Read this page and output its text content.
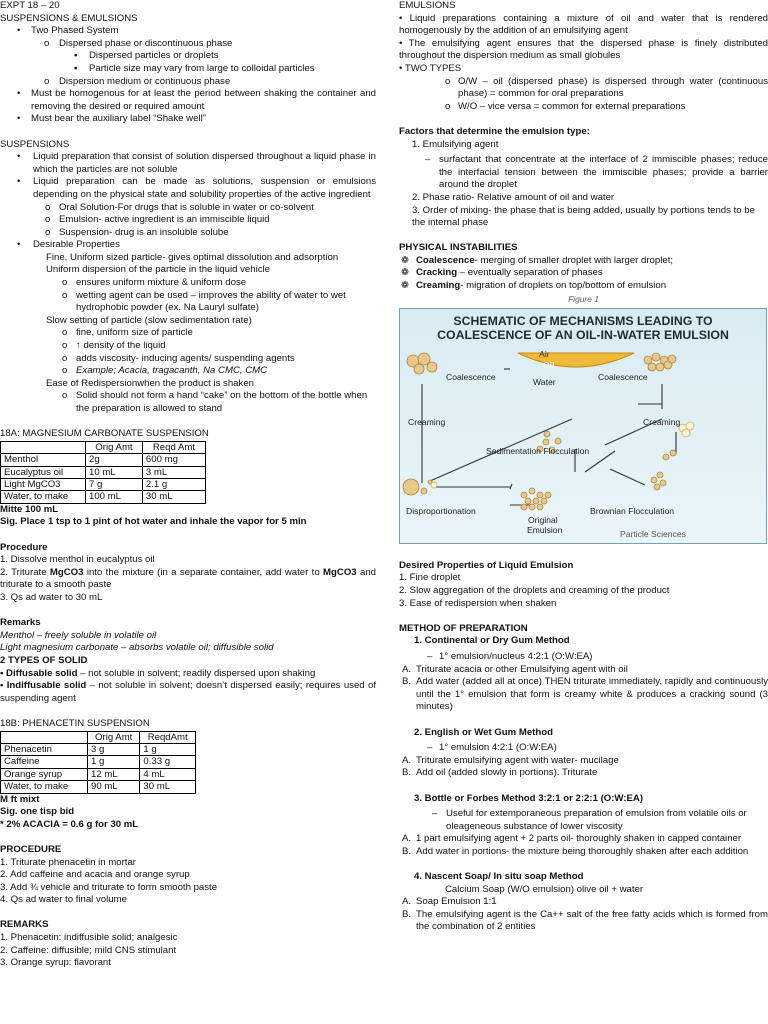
EXPT 18 – 20

SUSPENSIONS & EMULSIONS

• Two Phased System
o Dispersed phase or discontinuous phase
▪ Dispersed particles or droplets
▪ Particle size may vary from large to colloidal particles
o Dispersion medium or continuous phase
• Must be homogenous for at least the period between shaking the container and removing the desired or required amount
• Must bear the auxiliary label “Shake well”

SUSPENSIONS

• Liquid preparation that consist of solution dispersed throughout a liquid phase in which the particles are not soluble
• Liquid preparation can be made as solutions, suspension or emulsions depending on the physical state and solubility properties of the active ingredient
o Oral Solution-For drugs that is soluble in water or co-solvent
o Emulsion- active ingredient is an immiscible liquid
o Suspension- drug is an insoluble solube
• Desirable Properties
Fine, Uniform sized particle- gives optimal dissolution and adsorption
Uniform dispersion of the particle in the liquid vehicle
o ensures uniform mixture & uniform dose
o wetting agent can be used – improves the ability of water to wet hydrophobic powder (ex. Na Lauryl sulfate)
Slow setting of particle (slow sedimentation rate)
o fine, uniform size of particle
o ↑ density of the liquid
o adds viscosity- inducing agents/ suspending agents
o Example; Acacia, tragacanth, Na CMC, CMC
Ease of Redispersionwhen the product is shaken
o Solid should not form a hand “cake” on the bottom of the bottle when the preparation is allowed to stand

18A: MAGNESIUM CARBONATE SUSPENSION

	Orig Amt	Reqd Amt
Menthol	2g	600 mg
Eucalyptus oil	10 mL	3 mL
Light MgCO3	7 g	2.1 g
Water, to make	100 mL	30 mL

Mitte 100 mL

Sig. Place 1 tsp to 1 pint of hot water and inhale the vapor for 5 min

Procedure

1. Dissolve menthol in eucalyptus oil

2. Triturate MgCO3 into the mixture (in a separate container, add water to MgCO3 and triturate to a smooth paste

3. Qs ad water to 30 mL

Remarks

Menthol – freely soluble in volatile oil

Light magnesium carbonate – absorbs volatile oil; diffusible solid

2 TYPES OF SOLID

• Diffusable solid – not soluble in solvent; readily dispersed upon shaking

• Indiffusable solid – not soluble in solvent; doesn’t dispersed easily; requires used of suspending agent

18B: PHENACETIN SUSPENSION

	Orig Amt	ReqdAmt
Phenacetin	3 g	1 g
Caffeine	1 g	0.33 g
Orange syrup	12 mL	4 mL
Water, to make	90 mL	30 mL

M ft mixt

Sig. one tisp bid

* 2% ACACIA = 0.6 g for 30 mL

PROCEDURE

1. Triturate phenacetin in mortar

2. Add caffeine and acacia and orange syrup

3. Add ¾ vehicle and triturate to form smooth paste

4. Qs ad water to final volume

REMARKS

1. Phenacetin: indiffusible solid; analgesic

2. Caffeine: diffusible; mild CNS stimulant

3. Orange syrup: flavorant

EMULSIONS

• Liquid preparations containing a mixture of oil and water that is rendered homogenously by the addition of an emulsifying agent

• The emulsifying agent ensures that the dispersed phase is finely distributed throughout the dispersion medium as small globules

• TWO TYPES

o O/W – oil (dispersed phase) is dispersed through water (continuous phase) = common for oral preparations
o W/O – vice versa = common for external preparations

Factors that determine the emulsion type:

1. Emulsifying agent

– surfactant that concentrate at the interface of 2 immiscible phases; reduce the interfacial tension between the immiscible phases; provide a barrier around the droplet

2. Phase ratio- Relative amount of oil and water

3. Order of mixing- the phase that is being added, usually by portions tends to be the internal phase

PHYSICAL INSTABILITIES

❁ Coalescence- merging of smaller droplet with larger droplet;
❁ Cracking – eventually separation of phases
❁ Creaming- migration of droplets on top/bottom of emulsion

Figure 1

SCHEMATIC OF MECHANISMS LEADING TO
COALESCENCE OF AN OIL-IN-WATER EMULSION
Air
Oil
Water
Coalescence	Coalescence
Creaming	Creaming
Sedimentation Flocculation
Disproportionation
Original
Emulsion
Brownian Flocculation
Particle Sciences

Desired Properties of Liquid Emulsion

1. Fine droplet

2. Slow aggregation of the droplets and creaming of the product

3. Ease of redispersion when shaken

METHOD OF PREPARATION

1. Continental or Dry Gum Method

– 1° emulsion/nucleus 4:2:1 (O:W:EA)
A. Triturate acacia or other Emulsifying agent with oil
B. Add water (added all at once) THEN triturate immediately, rapidly and continuously until the 1° emulsion that form is creamy white & produces a cracking sound (3 minutes)

2. English or Wet Gum Method

– 1° emulsion 4:2:1 (O:W:EA)
A. Triturate emulsifying agent with water- mucilage
B. Add oil (added slowly in portions). Triturate

3. Bottle or Forbes Method 3:2:1 or 2:2:1 (O:W:EA)

– Useful for extemporaneous preparation of emulsion from volatile oils or oleageneous substance of lower viscosity
A. 1 part emulsifying agent + 2 parts oil- thoroughly shaken in capped container
B. Add water in portions- the mixture being thoroughly shaken after each addition

4. Nascent Soap/ In situ soap Method

Calcium Soap (W/O emulsion) olive oil + water

A. Soap Emulsion 1:1
B. The emulsifying agent is the Ca++ salt of the free fatty acids which is formed from the combination of 2 entities
